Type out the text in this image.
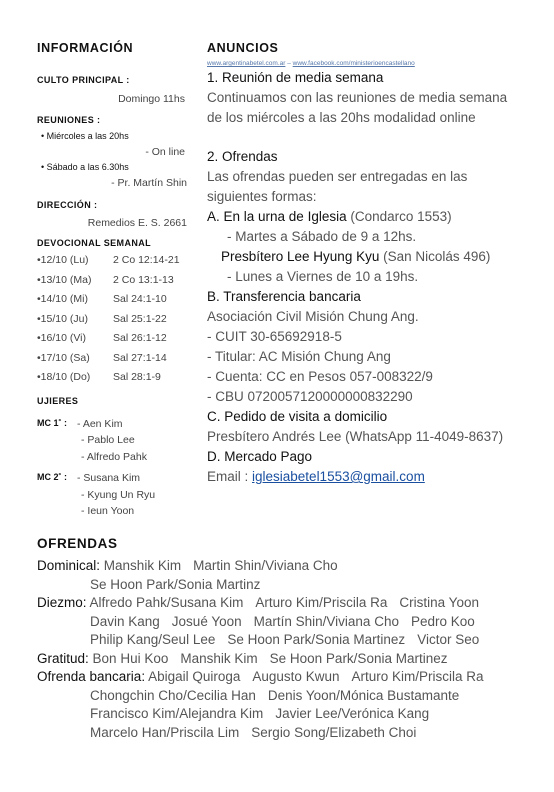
INFORMACIÓN
CULTO PRINCIPAL :
Domingo 11hs
REUNIONES :
• Miércoles a las 20hs
- On line
• Sábado a las 6.30hs
- Pr. Martín Shin
DIRECCIÓN :
Remedios E. S. 2661
DEVOCIONAL SEMANAL
•12/10 (Lu)	2 Co 12:14-21
•13/10 (Ma)	2 Co 13:1-13
•14/10 (Mi)	Sal 24:1-10
•15/10 (Ju)	Sal 25:1-22
•16/10 (Vi)	Sal 26:1-12
•17/10 (Sa)	Sal 27:1-14
•18/10 (Do)	Sal 28:1-9
UJIERES
MC 1˚ : - Aen Kim
- Pablo Lee
- Alfredo Pahk
MC 2˚ : - Susana Kim
- Kyung Un Ryu
- Ieun Yoon
ANUNCIOS
www.argentinabetel.com.ar – www.facebook.com/ministerioencastellano
1. Reunión de media semana
Continuamos con las reuniones de media semana
de los miércoles a las 20hs modalidad online
2. Ofrendas
Las ofrendas pueden ser entregadas en las
siguientes formas:
A. En la urna de Iglesia (Condarco 1553)
- Martes a Sábado de 9 a 12hs.
Presbítero Lee Hyung Kyu (San Nicolás 496)
- Lunes a Viernes de 10 a 19hs.
B. Transferencia bancaria
Asociación Civil Misión Chung Ang.
- CUIT 30-65692918-5
- Titular: AC Misión Chung Ang
- Cuenta: CC en Pesos 057-008322/9
- CBU 0720057120000000832290
C. Pedido de visita a domicilio
Presbítero Andrés Lee (WhatsApp 11-4049-8637)
D. Mercado Pago
Email : iglesiabetel1553@gmail.com
OFRENDAS
Dominical: Manshik Kim Martin Shin/Viviana Cho
Se Hoon Park/Sonia Martinz
Diezmo: Alfredo Pahk/Susana Kim Arturo Kim/Priscila Ra Cristina Yoon
Davin Kang Josué Yoon Martín Shin/Viviana Cho Pedro Koo
Philip Kang/Seul Lee Se Hoon Park/Sonia Martinez Victor Seo
Gratitud: Bon Hui Koo Manshik Kim Se Hoon Park/Sonia Martinez
Ofrenda bancaria: Abigail Quiroga Augusto Kwun Arturo Kim/Priscila Ra
Chongchin Cho/Cecilia Han Denis Yoon/Mónica Bustamante
Francisco Kim/Alejandra Kim Javier Lee/Verónica Kang
Marcelo Han/Priscila Lim Sergio Song/Elizabeth Choi
